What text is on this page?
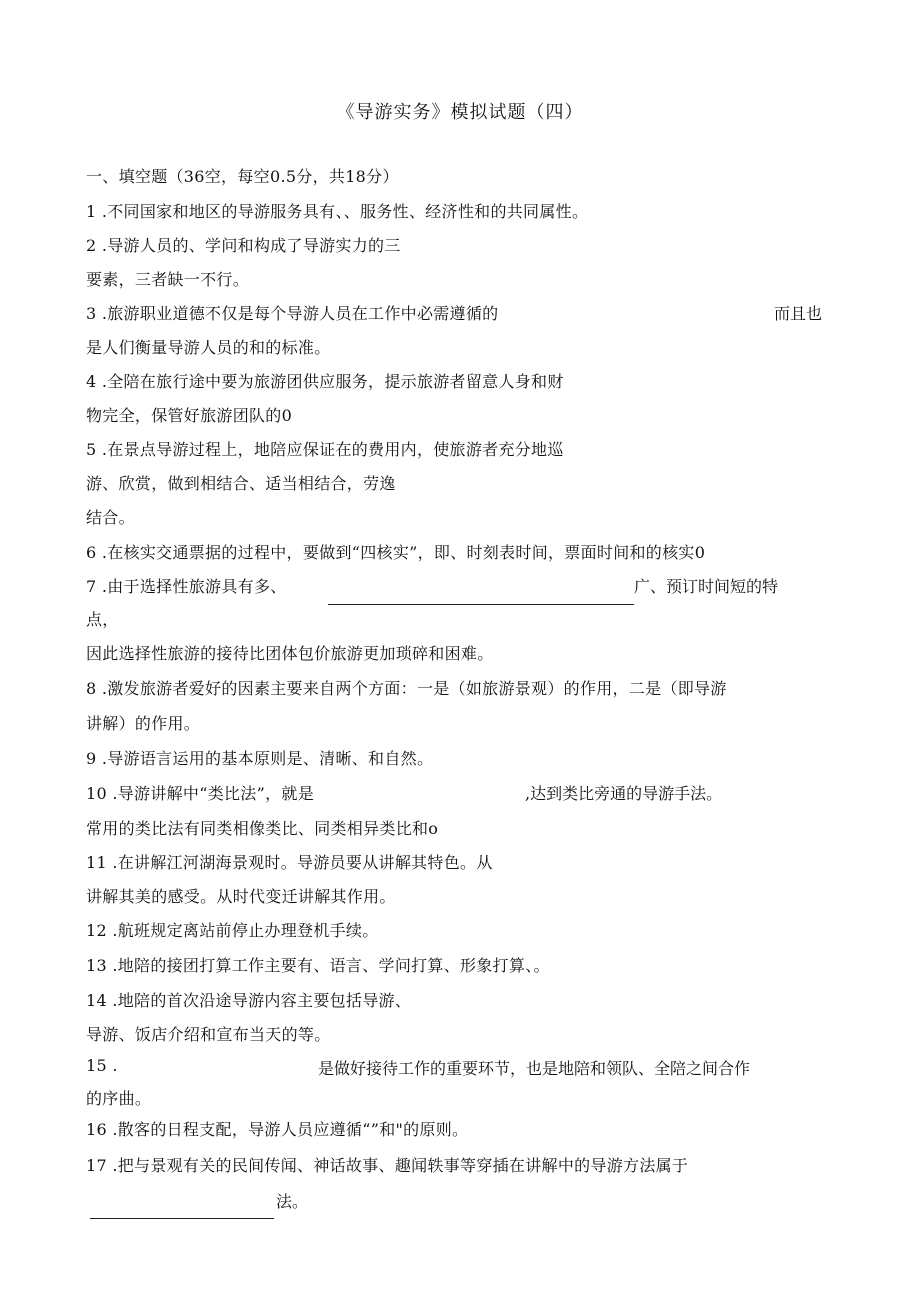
《导游实务》模拟试题（四）
一、填空题（36空，每空0.5分，共18分）
1 .不同国家和地区的导游服务具有、、服务性、经济性和的共同属性。
2 .导游人员的、学问和构成了导游实力的三
要素，三者缺一不行。
3 .旅游职业道德不仅是每个导游人员在工作中必需遵循的	而且也
是人们衡量导游人员的和的标准。
4 .全陪在旅行途中要为旅游团供应服务，提示旅游者留意人身和财
物完全，保管好旅游团队的0
5 .在景点导游过程上，地陪应保证在的费用内，使旅游者充分地巡
游、欣赏，做到相结合、适当相结合，劳逸
结合。
6 .在核实交通票据的过程中，要做到“四核实”，即、时刻表时间，票面时间和的核实0
7 .由于选择性旅游具有多、	广、预订时间短的特
点，
因此选择性旅游的接待比团体包价旅游更加琐碎和困难。
8 .激发旅游者爱好的因素主要来自两个方面：一是（如旅游景观）的作用，二是（即导游
讲解）的作用。
9 .导游语言运用的基本原则是、清晰、和自然。
10 .导游讲解中“类比法”，就是	,达到类比旁通的导游手法。
常用的类比法有同类相像类比、同类相异类比和o
11 .在讲解江河湖海景观时。导游员要从讲解其特色。从
讲解其美的感受。从时代变迁讲解其作用。
12 .航班规定离站前停止办理登机手续。
13 .地陪的接团打算工作主要有、语言、学问打算、形象打算、。
14 .地陪的首次沿途导游内容主要包括导游、
导游、饭店介绍和宣布当天的等。
15 .	是做好接待工作的重要环节，也是地陪和领队、全陪之间合作
的序曲。
16 .散客的日程支配，导游人员应遵循“”和"的原则。
17 .把与景观有关的民间传闻、神话故事、趣闻轶事等穿插在讲解中的导游方法属于
法。
